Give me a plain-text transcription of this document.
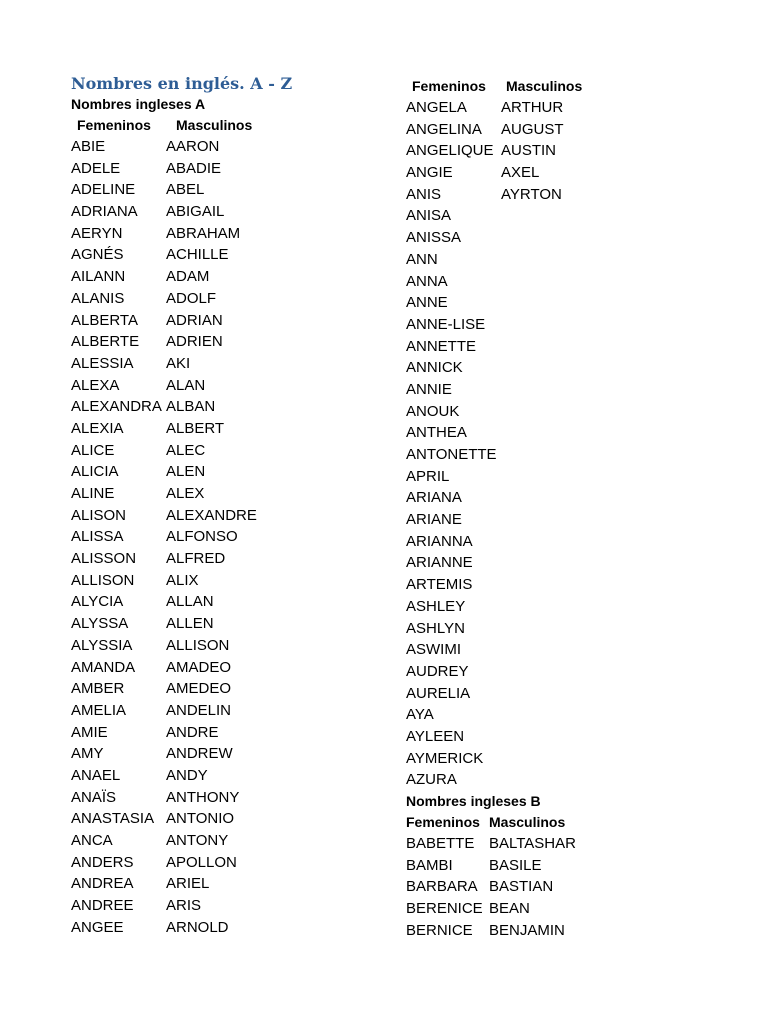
Nombres en inglés. A - Z
Nombres ingleses A
Femeninos	Masculinos
ABIE	AARON
ADELE	ABADIE
ADELINE	ABEL
ADRIANA	ABIGAIL
AERYN	ABRAHAM
AGNÉS	ACHILLE
AILANN	ADAM
ALANIS	ADOLF
ALBERTA	ADRIAN
ALBERTE	ADRIEN
ALESSIA	AKI
ALEXA	ALAN
ALEXANDRA ALBAN
ALEXIA	ALBERT
ALICE	ALEC
ALICIA	ALEN
ALINE	ALEX
ALISON	ALEXANDRE
ALISSA	ALFONSO
ALISSON	ALFRED
ALLISON	ALIX
ALYCIA	ALLAN
ALYSSA	ALLEN
ALYSSIA	ALLISON
AMANDA	AMADEO
AMBER	AMEDEO
AMELIA	ANDELIN
AMIE	ANDRE
AMY	ANDREW
ANAEL	ANDY
ANAÏS	ANTHONY
ANASTASIA ANTONIO
ANCA	ANTONY
ANDERS	APOLLON
ANDREA	ARIEL
ANDREE	ARIS
ANGEE	ARNOLD
Femeninos	Masculinos
ANGELA	ARTHUR
ANGELINA	AUGUST
ANGELIQUE AUSTIN
ANGIE	AXEL
ANIS	AYRTON
ANISA
ANISSA
ANN
ANNA
ANNE
ANNE-LISE
ANNETTE
ANNICK
ANNIE
ANOUK
ANTHEA
ANTONETTE
APRIL
ARIANA
ARIANE
ARIANNA
ARIANNE
ARTEMIS
ASHLEY
ASHLYN
ASWIMI
AUDREY
AURELIA
AYA
AYLEEN
AYMERICK
AZURA
Nombres ingleses B
Femeninos Masculinos
BABETTE BALTASHAR
BAMBI	BASILE
BARBARA BASTIAN
BERENICE BEAN
BERNICE	BENJAMIN
